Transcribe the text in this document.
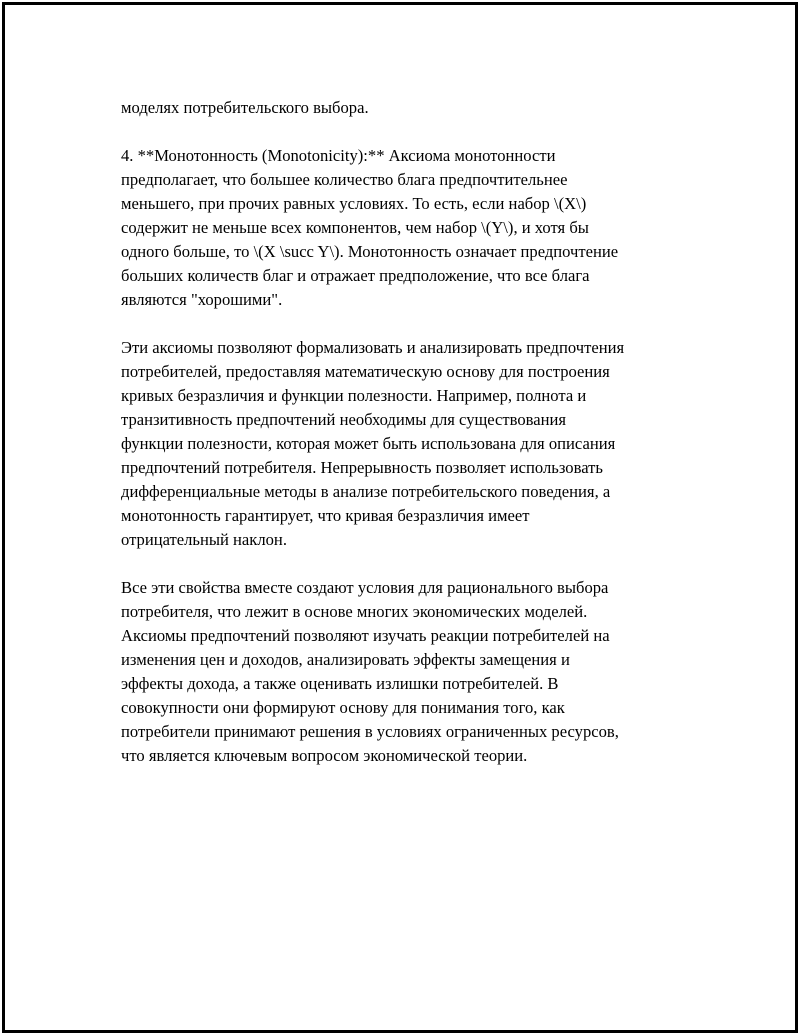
моделях потребительского выбора.

4. **Монотонность (Monotonicity):** Аксиома монотонности
предполагает, что большее количество блага предпочтительнее
меньшего, при прочих равных условиях. То есть, если набор \(X\)
содержит не меньше всех компонентов, чем набор \(Y\), и хотя бы
одного больше, то \(X \succ Y\). Монотонность означает предпочтение
больших количеств благ и отражает предположение, что все блага
являются "хорошими".

Эти аксиомы позволяют формализовать и анализировать предпочтения
потребителей, предоставляя математическую основу для построения
кривых безразличия и функции полезности. Например, полнота и
транзитивность предпочтений необходимы для существования
функции полезности, которая может быть использована для описания
предпочтений потребителя. Непрерывность позволяет использовать
дифференциальные методы в анализе потребительского поведения, а
монотонность гарантирует, что кривая безразличия имеет
отрицательный наклон.

Все эти свойства вместе создают условия для рационального выбора
потребителя, что лежит в основе многих экономических моделей.
Аксиомы предпочтений позволяют изучать реакции потребителей на
изменения цен и доходов, анализировать эффекты замещения и
эффекты дохода, а также оценивать излишки потребителей. В
совокупности они формируют основу для понимания того, как
потребители принимают решения в условиях ограниченных ресурсов,
что является ключевым вопросом экономической теории.
